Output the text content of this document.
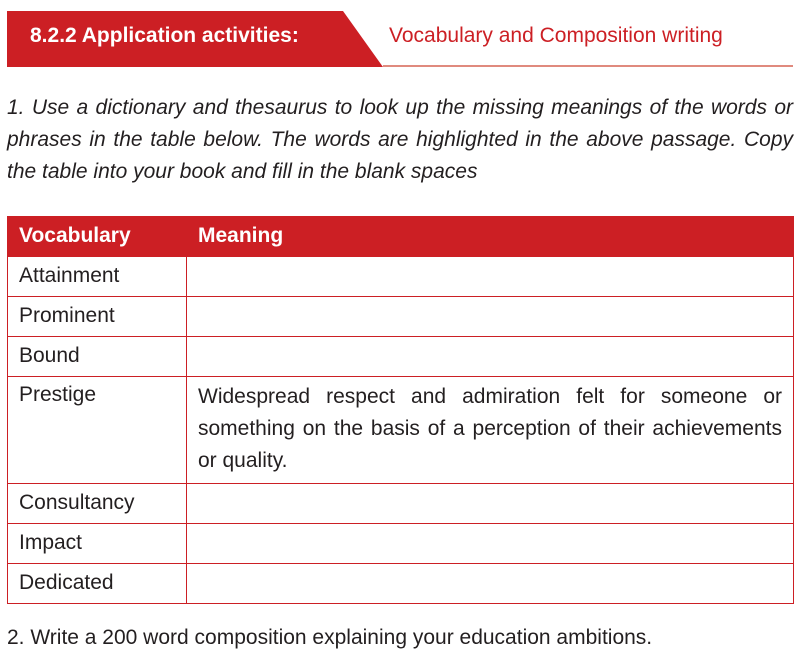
8.2.2 Application activities:	Vocabulary and Composition writing

1. Use a dictionary and thesaurus to look up the missing meanings of the words or phrases in the table below. The words are highlighted in the above passage. Copy the table into your book and fill in the blank spaces

Vocabulary	Meaning
Attainment	
Prominent	
Bound	
Prestige	Widespread respect and admiration felt for someone or something on the basis of a perception of their achievements or quality.
Consultancy	
Impact	
Dedicated	
2. Write a 200 word composition explaining your education ambitions.
